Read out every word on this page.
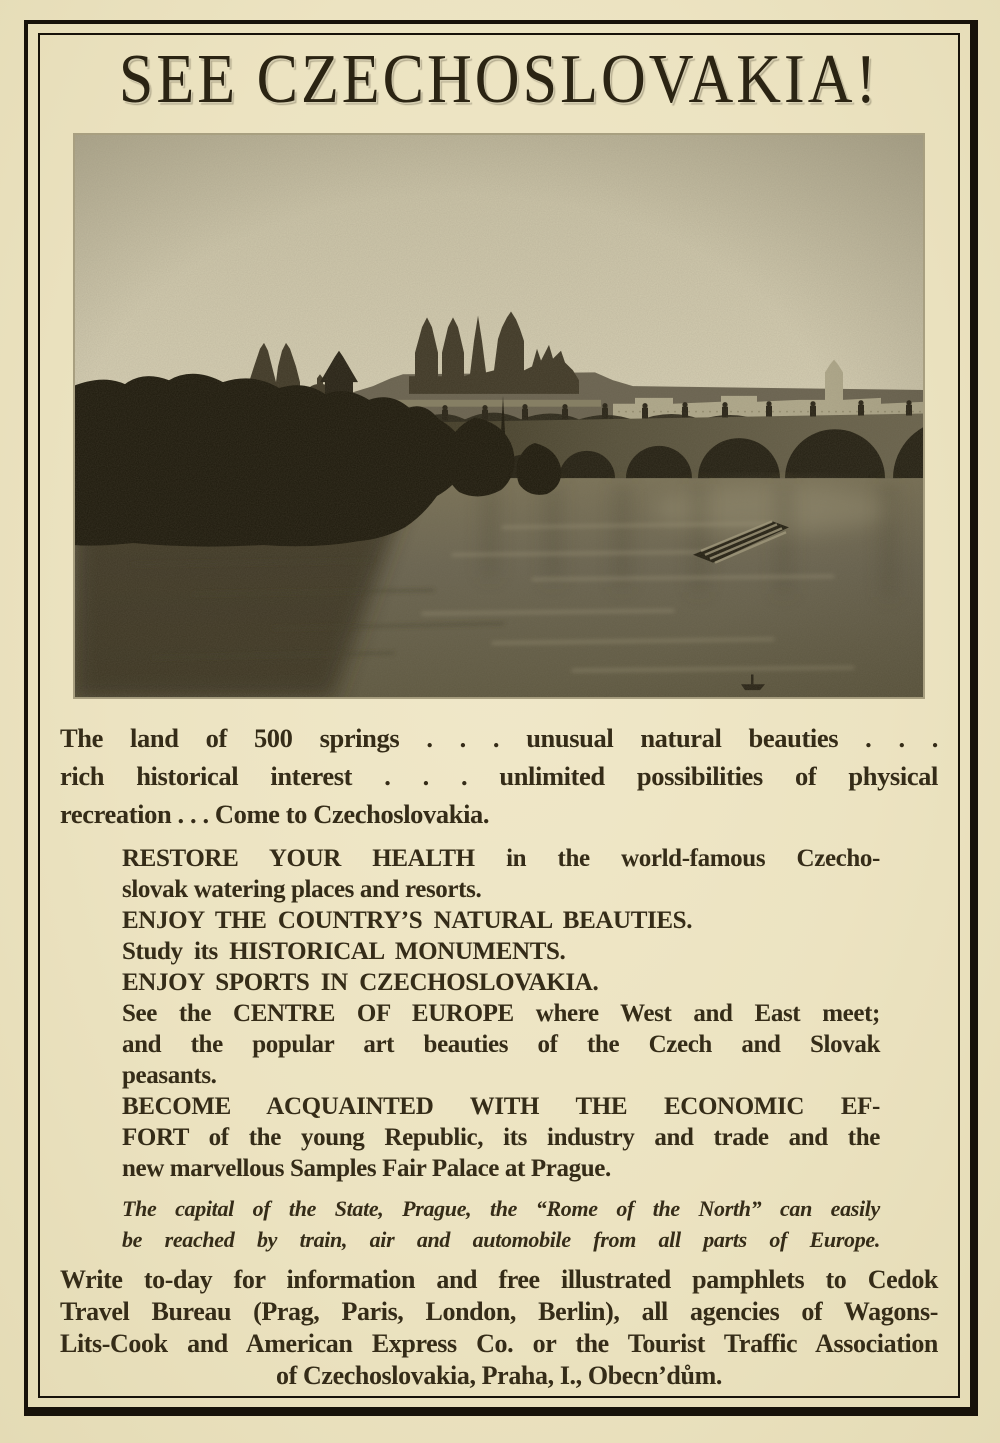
SEE CZECHOSLOVAKIA!

The land of 500 springs . . . unusual natural beauties . . .
rich historical interest . . . unlimited possibilities of physical
recreation . . . Come to Czechoslovakia.

RESTORE YOUR HEALTH in the world-famous Czecho-
slovak watering places and resorts.
ENJOY THE COUNTRY’S NATURAL BEAUTIES.
Study its HISTORICAL MONUMENTS.
ENJOY SPORTS IN CZECHOSLOVAKIA.
See the CENTRE OF EUROPE where West and East meet;
and the popular art beauties of the Czech and Slovak
peasants.
BECOME ACQUAINTED WITH THE ECONOMIC EF-
FORT of the young Republic, its industry and trade and the
new marvellous Samples Fair Palace at Prague.

The capital of the State, Prague, the “Rome of the North” can easily
be reached by train, air and automobile from all parts of Europe.

Write to-day for information and free illustrated pamphlets to Cedok
Travel Bureau (Prag, Paris, London, Berlin), all agencies of Wagons-
Lits-Cook and American Express Co. or the Tourist Traffic Association
of Czechoslovakia, Praha, I., Obecn’dům.
